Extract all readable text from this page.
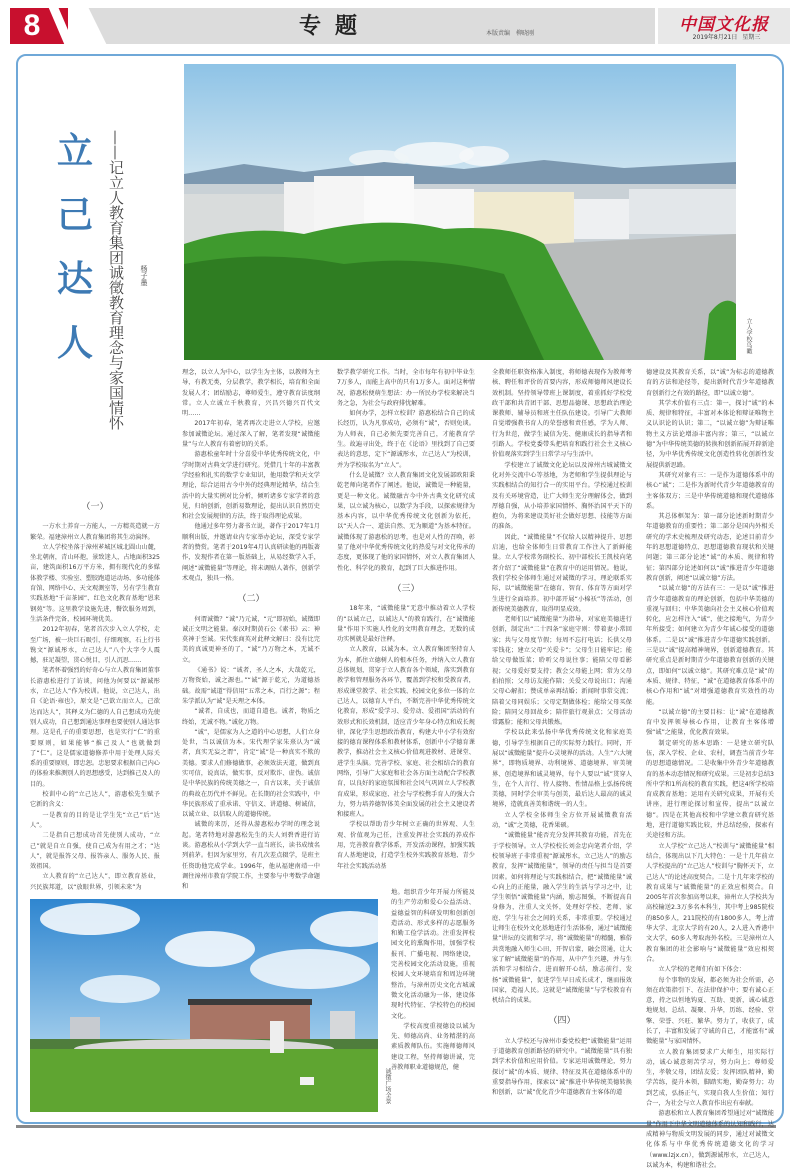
8	专题	本版责编 柳晓刚	中国文化报
2019年8月21日 星期三
立
己
达
人 ——记立人教育集团诚徵教育理念与家国情怀	杨子墨
立人学校鸟瞰
诚徵广场全景
（一）

一方水土养育一方能人，一方精英造就一方繁荣。福建漳州立人教育集团将其生动演绎。

立人学校坐落于漳州芗城区城北圆山山麓，坐北朝南，青山环抱，景致迷人，占地面积325亩，建筑面积16万平方米，拥有现代化的多媒体教学楼、实验室、塑胶跑道运动场、多功能体育馆、网络中心、天文观测室等，另有学生教育实践基地“千亩茶园”、红色文化教育基地“恩来钢苑”等。这里教学设施先进，餐饮服务周到，生活条件完备，校园环境优美。

2012年初春，笔者首次步入立人学校，走至广场，被一块巨石吸引，仔细观察，石上行书镌文“源诚彤水，立己达人”八个大字令人震撼，驻足凝望，贯心悦目，引人沉思……

笔者怀着强烈的好奇心与立人教育集团董事长游惠松进行了访谈，问他为何要以“源诚彤水，立己达人”作为校训。他说，立己达人，出自《论语·雍也》，原文是“己欲立而立人，己欲达而达人”，其释义为仁德的人自己想成功先使别人成功，自己想到通达事理也要使别人通达事理。这是孔子的重要思想，也是实行“仁”的重要原则，如果能够“推己及人”也就做到了“仁”。这是儒家道德修养中用于处理人际关系的重要原则，即忠恕。忠恕要求根据自己内心的体验来推测别人的思想感受，达到推己及人的目的。

校训中心的“立己达人”，游惠松先生赋予它新的含义：

一是教育的目的是让学生先“立己”后“达人”。

二是指自己想成功首先使别人成功，“立己”就是自立自强，使自己成为有用之才；“达人”，就是报答父母、报答亲人、服务人民、报效祖国。

立人教育的“立己达人”，即立教育基业，兴民族邦道，以“放眼世界，引领未来”为

理念，以立人为中心，以学生为主体，以教师为主导，有教无类，分层教学，教学相长，培育和全面发展人才；团结励志，尊师爱生，遵守教育法度纲常。立人立诚立千秋教育，兴昌兴德兴百代文明……

2017年初春，笔者再次走进立人学校，应邀参加诚徵论坛。通过深入了解，笔者发现“诚徵能量”与立人教育有着密切的关系。

游惠松童年时十分喜爱中华优秀传统文化，中学时期对古典文学进行研究。凭借几十年的丰富教学经验和扎实的数学专业知识，他用数学和天文学理论，综合运用古今中外的经典理论精华，结合生活中的大量实例对比分析，倾听诸多专家学者的意见，归纳创新，创新易数理论，提出认识自然历史和社会发展规律的方法，终于取得理论成果。

他通过多年努力著书立说，著作于2017年1月顺利出版，并邀请业内专家举办论坛，深受专家学者的赞赏。笔者于2019年4月认真研读他的再版著作，发现作者在第一版基础上，从易经数学入手，阐述“诚徵能量”等理论，将未调贴人著作，创新学术观点，独具一格。

（二）

何谓诚徵？“诚”乃元诚，“元”即初始，诚徵即诚正文明之能量。秦汉时期黄石公《素书》云：神莫神于至诚。宋代张商英对此释文解曰：没有比完美的真诚更神圣的了，“诚”乃万物之本，无诚不立。

《通书》说：“诚者，圣人之本，大哉乾元，万物资始，诚之源也。”“诚”源于乾元，为道德基础。故需“诚道”得信用“五常之本，百行之源”；程朱学派认为“诚”是天理之本体。

“诚者，自成也，而道自道也。诚者，物质之终始，无诚不物。”诚化万物。

“诚”，是儒家为人之道的中心思想，人们立身处世，当以诚信为本。宋代理学家朱熹认为“诚者，真实无妄之谓”，肯定“诚”是一种真实不欺的美德。要求人们修德做事，必须效法天道，做到真实可信，说真话，做实事，反对欺诈、虚伪。诚信是中华民族的传统美德之一，自古以来，关于诚信的典故在历代并不鲜见。在长期的社会实践中，中华民族形成了重承诺、守信义、讲道德、树诚信，以诚立业、以信取人的道德传统。

诚徵的来历，还得从游惠松办学时的理念说起。笔者特地对游惠松先生的夫人刘碧香进行访谈。游惠松从小学到大学一直当班长，读书成绩名列前茅。但因为家里穷，有几次差点辍学，是班主任资助他完成学业。1996年，他从福建南靖一中调往漳州市教育学院工作，主要参与中考数学命题和

数学教学研究工作。当时，全市每年有初中毕业生7万多人，而能上高中的只有1万多人。面对这种情况，游惠松便萌生想法：办一所民办学校来解决当务之急，为社会与政府排忧解难。

如何办学，怎样立校训？游惠松结合自己的成长经历，认为凡事成功，必须有“诚”，否则免谈。为人师表，自己必须先要完善自己，才能教育学生。故遍寻出处，终于在《论语》里找到了自己要表达的意思，定下“源诚彤水，立己达人”为校训，并为学校取名为“立人”。

什么是诚徵？立人教育集团文化发展部欧阳秉乾老师向笔者作了阐述。他说，诚徵是一种能量，更是一种文化。诚徵融古今中外古典文化研究成果，以立诚为核心，以数学为手段，以探索规律为基本内容，以中华优秀传统文化创新为依托，以“天人合一、道法自然、无为顺道”为基本特征。诚徵体现了游惠松的思考，也是对人性的召唤，彰显了他对中华优秀传统文化的热爱与对文化传承的态度，更体现了他的家国情怀，对立人教育集团人性化、科学化的教育，起到了巨大推进作用。

（三）

18年来，“诚徵能量”无意中推动着立人学校的“以诚立己，以诚达人”的教育践行，在“诚徵能量”作用下实施人性化的文明教育理念，无数的成功实例就是最好注释。

立人教育，以诚为本。立人教育集团坚持育人为本，抓住立德树人的根本任务，并纳入立人教育总体规划，贯穿于立人教育各个领域，落实到教育教学和管理服务各环节，覆盖到学校和受教育者，形成课堂教学、社会实践、校园文化多位一体的立己达人，以德育人平台，不断完善中华优秀传统文化教育，形成“爱学习、爱劳动、爱祖国”活动的有效形式和长效机制，适应青少年身心特点和成长规律，深化学生思想政治教育，构建大中小学有效衔接的德育课程体系和教材体系，创新中小学德育课教学，推动社会主义核心价值观进教材、进课堂、进学生头脑。完善学校、家庭、社会相结合的教育网络，引导广大家庭和社会各方面主动配合学校教育，以良好的家庭氛围和社会风气巩固立人学校教育成果，形成家庭、社会与学校携手育人的强大合力，努力培养德智体美全面发展的社会主义建设者和接班人。

学校以帮助青少年树立正确的世界观、人生观、价值观为己任，注重发挥社会实践的养成作用，完善教育教学体系，开发活动课程，加强实践育人基地建设，打造学生校外实践教育基地、青少年社会实践活动基

地。组织青少年开展力所能及的生产劳动和爱心公益活动、益德益智的科研发明和创新创造活动、形式多样的志愿服务和勤工俭学活动。注重发挥校园文化的熏陶作用，加强学校报刊、广播电视、网络建设，完善校园文化活动设施，重视校园人文环境培育和周边环境整治，与漳州历史文化古城诚徵文化活动融为一体，建设体现时代特征、学校特色的校园文化。

学校高度重视德设以诚为先、师德高尚、业务精湛的高素质教师队伍。实施师德师风建设工程，坚持师德讲诚，完善教师职业道德规范，健

全教师任职资格准入制度，将师德表现作为教师考核、聘任和评价的首要内容，形成师德师风建设长效机制。坚持领导带班上课制度，着重抓好学校党政干部和共青团干部、思想品德课、思想政治理论课教师、辅导员和班主任队伍建设。引导广大教师自觉增强教书育人的荣誉感和责任感，学为人师、行为世范，做学生诚信为先、健康成长的指导者和引路人。学校党委带头把培育和践行社会主义核心价值观落实到学生日常学习与生活中。

学校建立了诚徵文化论坛以及漳州古城诚徵文化对外交流中心等基地，为老师和学生提供理论与实践相结合的知行合一的实用平台。学校通过校训及有关环境营造，让广大师生充分理解体会，做到厚德自强，从小培养家国情怀、胸怀治国平天下的抱负，为将来建设美好社会做好思想、技能等方面的准备。

因此，“诚徵能量”不仅给人以精神提升、思想启迪，也给全体师生日常教育工作注入了新鲜能量。立人学校常务副校长、初中部校长王凯枝向笔者介绍了“诚徵能量”在教育中的运用情况。他说，我们学校全体师生通过对诚徵的学习，理论联系实际，以“诚徵能量”在德育、智育、体育等方面对学生进行全面培养。初中部开展“小棉袄”等活动，创新传统美德教育，取得明显成效。

老师们以“诚徵能量”为指导，对家庭美德进行创新，制定出“二十四条”家庭守则：带着妻小常回家；共与父母度节假；每周不忘打电话；长供父母零钱花；建立父母“关爱卡”；父母生日能牢记；能给父母做饭菜；聆听父母说往事；能陪父母看影视；父母爱好要支持；教会父母能上网；常为父母拍拍照；父母访友能作陪；关爱父母说出口；沟通父母心解扣；赞成单亲再结婚；新闻时事常交流；陪着父母同娱乐；父母定期做体检；能给父母买保险；陪同父母回故乡；陪伴旅行观景点；父母活动常露脸；能和父母共锻炼。

学校以此来弘扬中华优秀传统文化和家庭美德，引导学生根据自己的实际努力践行。同时，开展以“诚徵能量”提升心灵境界的活动。人生“六大境界”，即物质境界、功利境界、道德境界、审美境界、创造境界和诚灵境界，每个人要以“诚”贯穿人生，在个人言行、待人接物、性情品格上弘扬传统美德，同时学会审美与创美，最后达人最高的诚灵境界，造就真善美和谐统一的人生。

立人学校全体师生全方位开展诚徵教育活动，“诚”之美德，花香果硕。

“诚徵能量”能否充分发挥其教育功能，首先在于学校领导。立人学校校长刘金忠向笔者介绍，学校领导班子非常重视“源诚彤水，立己达人”的励志教育，发挥“诚徵能量”，领导的责任与担当是首要因素。如何将理论与实践相结合，把“诚徵能量”诚心向上的正能量，融入学生的生活与学习之中，让学生领悟“诚徵能量”内涵，励志图强，不断提高自身修为，注重人文关怀，处理好学校、老师、家庭、学生与社会之间的关系，非常重要。学校通过让师生在校外文化基地进行生活体验，通过“诚徵能量”讲坛的交流和学习，将“诚徵能量”的精髓，雅俗共赏地融入师生心田，开智启蒙，融会贯通，让大家了解“诚徵能量”的作用，从中产生兴趣，并与生活和学习相结合，进而解开心结，励志前行，发扬“诚徵能量”，促进学生早日成长成才，继而报效国家，造福人民。这就是“诚徵能量”与学校教育有机结合的成果。

（四）

立人学校还与漳州市委党校把“诚徵能量”运用于道德教育创新路径的研究中。“诚徵能量”具有独到学术价值和应用价值。专家运用诚徵理论，努力探讨“诚”的本质、规律、特征及其在道德体系中的重要指导作用，探索以“诚”推进中华传统美德转换和创新，以“诚”优化青少年道德教育主客体的道

德建设及其教育关系，以“诚”为标志的道德教育的方法和途径等，提出新时代青少年道德教育创新行之有效的路径，即“以诚立德”。

其学术价值有三点：第一，探讨“诚”的本质、规律和特征，丰富对本体论和辩证唯物主义认识论的认识；第二，“以诚立德”为辩证唯物主义方法论增添丰富内容；第三，“以诚立德”为中华传统美德的转换和创新拓展开辟新途径，为中华优秀传统文化创造性转化创新性发展提供新思路。

其研究对象有三：一是作为道德体系中的核心“诚”；二是作为新时代青少年道德教育的主客体双方；三是中华传统道德和现代道德体系。

其总体框架为：第一部分论述新时期青少年道德教育的重要性；第二部分是国内外相关研究的学术史梳理及研究动态，论述目前青少年的思想道德特点、思想道德教育现状和关键问题；第三部分论述“诚”的本质、规律和特征；第四部分论述如何以“诚”推进青少年道德教育创新，阐述“以诚立德”方法。

“以诚立德”的方法有三：一是以“诚”推进青少年道德教育的理论创新，包括中华美德的重视与回归；中华美德向社会主义核心价值观转化，应怎样注入“诚”，使之接地气，为青少年所接受；如何建立为青少年诚心接受的道德体系。二是以“诚”推进青少年道德实践创新。三是以“诚”提高精神境界，创新道德教育。其研究重点是新时期青少年道德教育创新的关键点，即如何“以诚立德”。其研究难点是“诚”的本质、规律、特征，“诚”在道德教育体系中的核心作用和“诚”对增强道德教育实效性的功能。

“以诚立德”的主要目标：让“诚”在道德教育中发挥领导核心作用，让教育主客体增强“诚”之能量，优化教育效果。

制定研究的基本思路：一是建立研究队伍，深入学校、企业、农村，调查当前青少年的思想道德情况。二是收集中外青少年道德教育的基本动态情况和研究成果。三是初步总结3所中学和1所高校的教育实践，把这4所学校培育成教育基地；运用有关研究成果，开展有关讲座，进行理论探讨和宣传，提出“以诚立德”。四是在其他高校和中学建立教育研究基地，进行道德实践比较，并总结经验，探索有关途径和方法。

立人学校“立己达人”校训与“诚徵能量”相结合，体现出以下几大特色：一是十几年前立人学校提出的“立己达人”校训与“胸怀天下，立己达人”的论述高度契合。二是十几年来学校的教育成果与“诚徵能量”的正效应相契合。自2005年首次参加高考以来，漳州立人学校共为高校输送2.3万多名本科生，其中考上985院校的850多人，211院校的有1800多人，考上清华大学、北京大学的有20人，2人进入香港中文大学，60多人考取海外名校。三是漳州立人教育集团的社会影响与“诚徵能量”效应相契合。

立人学校的老师们有如下体会：

每个事物的发展，都必须为社会所需，必须在政策指引下、在法律保护中；要有诚心正意，持之以恒地钩夏、互助、更新，诚心诚意地规划、总结、凝聚、升华，历练、经验、堂擎、荣誉、兴旺、繁华。努力了，收获了，成长了，丰富和发展了守诚的自己，才能富有“诚徵能量”与家国情怀。

立人教育集团要求广大师生，用实际行动，诚心诚意刻苦学习，努力向上；尊师爱生，孝敬父母，团结友爱；发挥团队精神，勤学苦练，提升本领，脚踏实地，勤奋努力；功到艺成，弘扬正气，实现自我人生价值；知行合一，为社会与立人教育作出应有奉献。

游惠松和立人教育集团希望通过对“诚徵能量”作用下中华文明道德体系的认知和践行，达成精神与物质文明发展的同步，通过对诚徵文化体系与中华优秀传统道德文化的学习（www.lzjx.cn），做到源诚彤水，立己达人，以诚为本，构建和谐社会。
